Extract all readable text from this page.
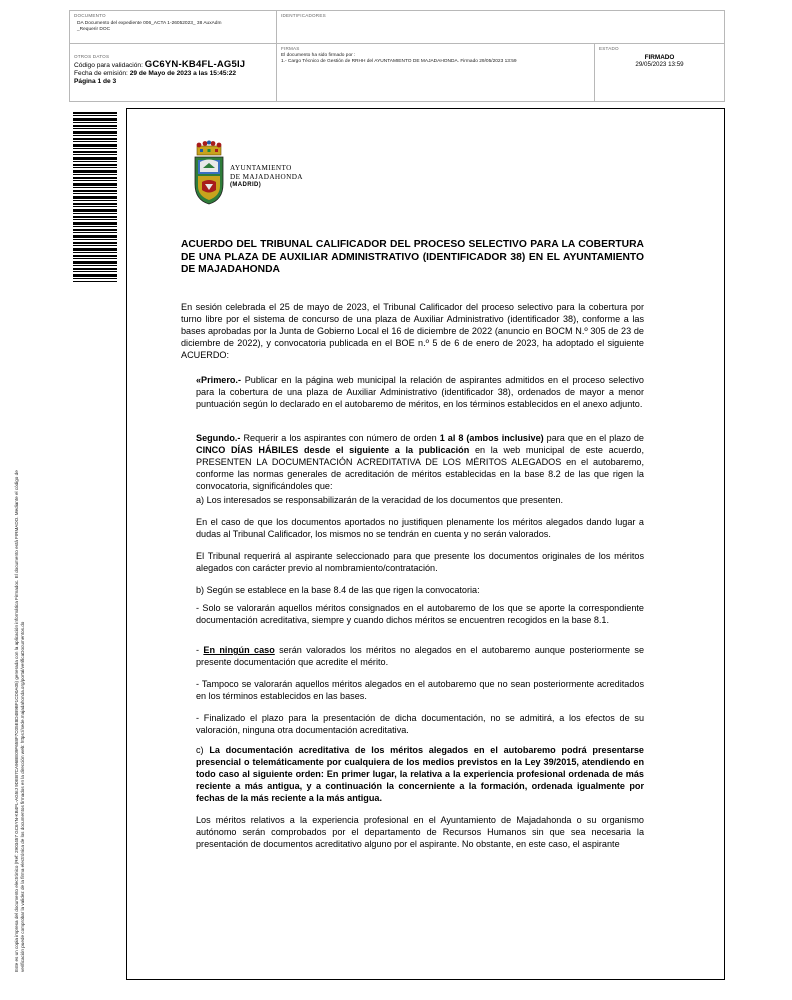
DOCUMENTO
DA Documento del expediente 006_ACTA 1-26052023_ 38 AuxAdm
_Requerir DOC
IDENTIFICADORES
OTROS DATOS
Código para validación: GC6YN-KB4FL-AG5IJ
Fecha de emisión: 29 de Mayo de 2023 a las 15:45:22
Página 1 de 3
FIRMAS
El documento ha sido firmado por :
1.- Cargo Técnico de Gestión de RRHH del AYUNTAMIENTO DE MAJADAHONDA. Firmado 29/05/2023 13:59
ESTADO
FIRMADO
29/05/2023 13:59
Este es un copia impresa del documento electrónico (Ref: 2903457 GC6YN-KB4FL-AG5IJ 9DEB7CA96BE09F658F7C05E8D4B9BF1CD0A05) generada con la aplicación informática Firmadoc. El documento está FIRMADO. Mediante el código de verificación puede comprobar la validez de la firma electrónica de los documentos firmados en la dirección web: https://sede.majadahonda.org/portal/verificaDocumentos.do
AYUNTAMIENTO
DE MAJADAHONDA
(MADRID)
ACUERDO DEL TRIBUNAL CALIFICADOR DEL PROCESO SELECTIVO PARA LA COBERTURA DE UNA PLAZA DE AUXILIAR ADMINISTRATIVO (IDENTIFICADOR 38) EN EL AYUNTAMIENTO DE MAJADAHONDA
En sesión celebrada el 25 de mayo de 2023, el Tribunal Calificador del proceso selectivo para la cobertura por turno libre por el sistema de concurso de una plaza de Auxiliar Administrativo (identificador 38), conforme a las bases aprobadas por la Junta de Gobierno Local el 16 de diciembre de 2022 (anuncio en BOCM N.º 305 de 23 de diciembre de 2022), y convocatoria publicada en el BOE n.º 5 de 6 de enero de 2023, ha adoptado el siguiente ACUERDO:
«Primero.- Publicar en la página web municipal la relación de aspirantes admitidos en el proceso selectivo para la cobertura de una plaza de Auxiliar Administrativo (identificador 38), ordenados de mayor a menor puntuación según lo declarado en el autobaremo de méritos, en los términos establecidos en el anexo adjunto.
Segundo.- Requerir a los aspirantes con número de orden 1 al 8 (ambos inclusive) para que en el plazo de CINCO DÍAS HÁBILES desde el siguiente a la publicación en la web municipal de este acuerdo, PRESENTEN LA DOCUMENTACIÓN ACREDITATIVA DE LOS MÉRITOS ALEGADOS en el autobaremo, conforme las normas generales de acreditación de méritos establecidas en la base 8.2 de las que rigen la convocatoria, significándoles que:
a) Los interesados se responsabilizarán de la veracidad de los documentos que presenten.
En el caso de que los documentos aportados no justifiquen plenamente los méritos alegados dando lugar a dudas al Tribunal Calificador, los mismos no se tendrán en cuenta y no serán valorados.
El Tribunal requerirá al aspirante seleccionado para que presente los documentos originales de los méritos alegados con carácter previo al nombramiento/contratación.
b) Según se establece en la base 8.4 de las que rigen la convocatoria:
- Solo se valorarán aquellos méritos consignados en el autobaremo de los que se aporte la correspondiente documentación acreditativa, siempre y cuando dichos méritos se encuentren recogidos en la base 8.1.
- En ningún caso serán valorados los méritos no alegados en el autobaremo aunque posteriormente se presente documentación que acredite el mérito.
- Tampoco se valorarán aquellos méritos alegados en el autobaremo que no sean posteriormente acreditados en los términos establecidos en las bases.
- Finalizado el plazo para la presentación de dicha documentación, no se admitirá, a los efectos de su valoración, ninguna otra documentación acreditativa.
c) La documentación acreditativa de los méritos alegados en el autobaremo podrá presentarse presencial o telemáticamente por cualquiera de los medios previstos en la Ley 39/2015, atendiendo en todo caso al siguiente orden: En primer lugar, la relativa a la experiencia profesional ordenada de más reciente a más antigua, y a continuación la concerniente a la formación, ordenada igualmente por fechas de la más reciente a la más antigua.
Los méritos relativos a la experiencia profesional en el Ayuntamiento de Majadahonda o su organismo autónomo serán comprobados por el departamento de Recursos Humanos sin que sea necesaria la presentación de documentos acreditativo alguno por el aspirante. No obstante, en este caso, el aspirante
